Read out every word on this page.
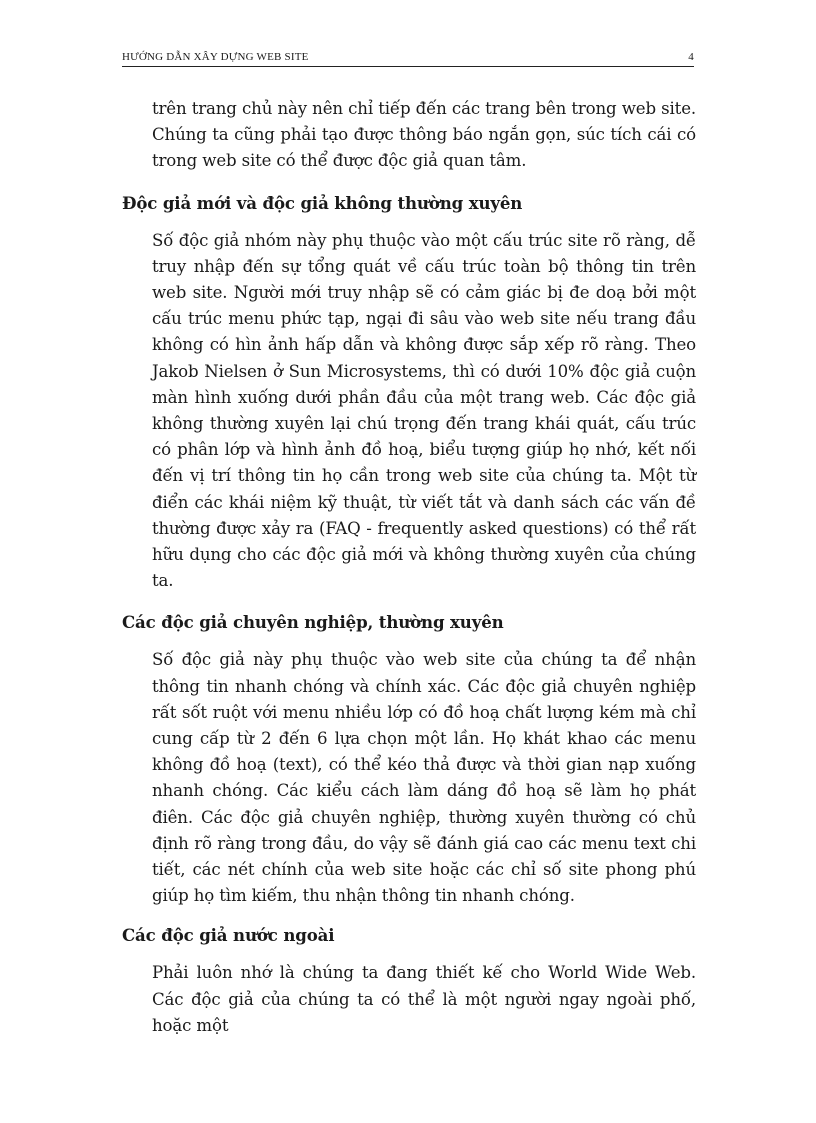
HƯỚNG DẪN XÂY DỰNG WEB SITE	4

trên trang chủ này nên chỉ tiếp đến các trang bên trong web site. Chúng ta cũng phải tạo được thông báo ngắn gọn, súc tích cái có trong web site có thể được độc giả quan tâm.

Độc giả mới và độc giả không thường xuyên

Số độc giả nhóm này phụ thuộc vào một cấu trúc site rõ ràng, dễ truy nhập đến sự tổng quát về cấu trúc toàn bộ thông tin trên web site. Người mới truy nhập sẽ có cảm giác bị đe doạ bởi một cấu trúc menu phức tạp, ngại đi sâu vào web site nếu trang đầu không có hìn ảnh hấp dẫn và không được sắp xếp rõ ràng. Theo Jakob Nielsen ở Sun Microsystems, thì có dưới 10% độc giả cuộn màn hình xuống dưới phần đầu của một trang web. Các độc giả không thường xuyên lại chú trọng đến trang khái quát, cấu trúc có phân lớp và hình ảnh đồ hoạ, biểu tượng giúp họ nhớ, kết nối đến vị trí thông tin họ cần trong web site của chúng ta. Một từ điển các khái niệm kỹ thuật, từ viết tắt và danh sách các vấn đề thường được xảy ra (FAQ - frequently asked questions) có thể rất hữu dụng cho các độc giả mới và không thường xuyên của chúng ta.

Các độc giả chuyên nghiệp, thường xuyên

Số độc giả này phụ thuộc vào web site của chúng ta để nhận thông tin nhanh chóng và chính xác. Các độc giả chuyên nghiệp rất sốt ruột với menu nhiều lớp có đồ hoạ chất lượng kém mà chỉ cung cấp từ 2 đến 6 lựa chọn một lần. Họ khát khao các menu không đồ hoạ (text), có thể kéo thả được và thời gian nạp xuống nhanh chóng. Các kiểu cách làm dáng đồ hoạ sẽ làm họ phát điên. Các độc giả chuyên nghiệp, thường xuyên thường có chủ định rõ ràng trong đầu, do vậy sẽ đánh giá cao các menu text chi tiết, các nét chính của web site hoặc các chỉ số site phong phú giúp họ tìm kiếm, thu nhận thông tin nhanh chóng.

Các độc giả nước ngoài

Phải luôn nhớ là chúng ta đang thiết kế cho World Wide Web. Các độc giả của chúng ta có thể là một người ngay ngoài phố, hoặc một
